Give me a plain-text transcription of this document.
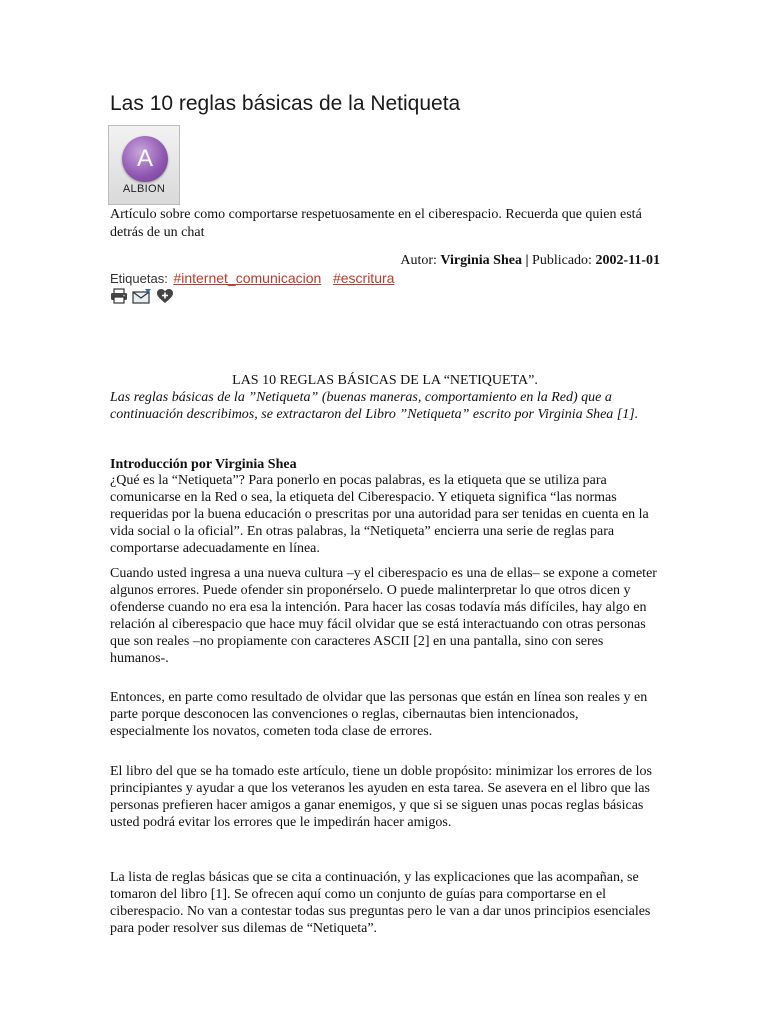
Las 10 reglas básicas de la Netiqueta
A
ALBION

Artículo sobre como comportarse respetuosamente en el ciberespacio. Recuerda que quien está detrás de un chat

Autor: Virginia Shea | Publicado: 2002-11-01
Etiquetas: #internet_comunicacion #escritura
LAS 10 REGLAS BÁSICAS DE LA “NETIQUETA”.

Las reglas básicas de la ”Netiqueta” (buenas maneras, comportamiento en la Red) que a continuación describimos, se extractaron del Libro ”Netiqueta” escrito por Virginia Shea [1].

Introducción por Virginia Shea

¿Qué es la “Netiqueta”? Para ponerlo en pocas palabras, es la etiqueta que se utiliza para comunicarse en la Red o sea, la etiqueta del Ciberespacio. Y etiqueta significa “las normas requeridas por la buena educación o prescritas por una autoridad para ser tenidas en cuenta en la vida social o la oficial”. En otras palabras, la “Netiqueta” encierra una serie de reglas para comportarse adecuadamente en línea.

Cuando usted ingresa a una nueva cultura –y el ciberespacio es una de ellas– se expone a cometer algunos errores. Puede ofender sin proponérselo. O puede malinterpretar lo que otros dicen y ofenderse cuando no era esa la intención. Para hacer las cosas todavía más difíciles, hay algo en relación al ciberespacio que hace muy fácil olvidar que se está interactuando con otras personas que son reales –no propiamente con caracteres ASCII [2] en una pantalla, sino con seres humanos-.

Entonces, en parte como resultado de olvidar que las personas que están en línea son reales y en parte porque desconocen las convenciones o reglas, cibernautas bien intencionados, especialmente los novatos, cometen toda clase de errores.

El libro del que se ha tomado este artículo, tiene un doble propósito: minimizar los errores de los principiantes y ayudar a que los veteranos les ayuden en esta tarea. Se asevera en el libro que las personas prefieren hacer amigos a ganar enemigos, y que si se siguen unas pocas reglas básicas usted podrá evitar los errores que le impedirán hacer amigos.

La lista de reglas básicas que se cita a continuación, y las explicaciones que las acompañan, se tomaron del libro [1]. Se ofrecen aquí como un conjunto de guías para comportarse en el ciberespacio. No van a contestar todas sus preguntas pero le van a dar unos principios esenciales para poder resolver sus dilemas de “Netiqueta”.
